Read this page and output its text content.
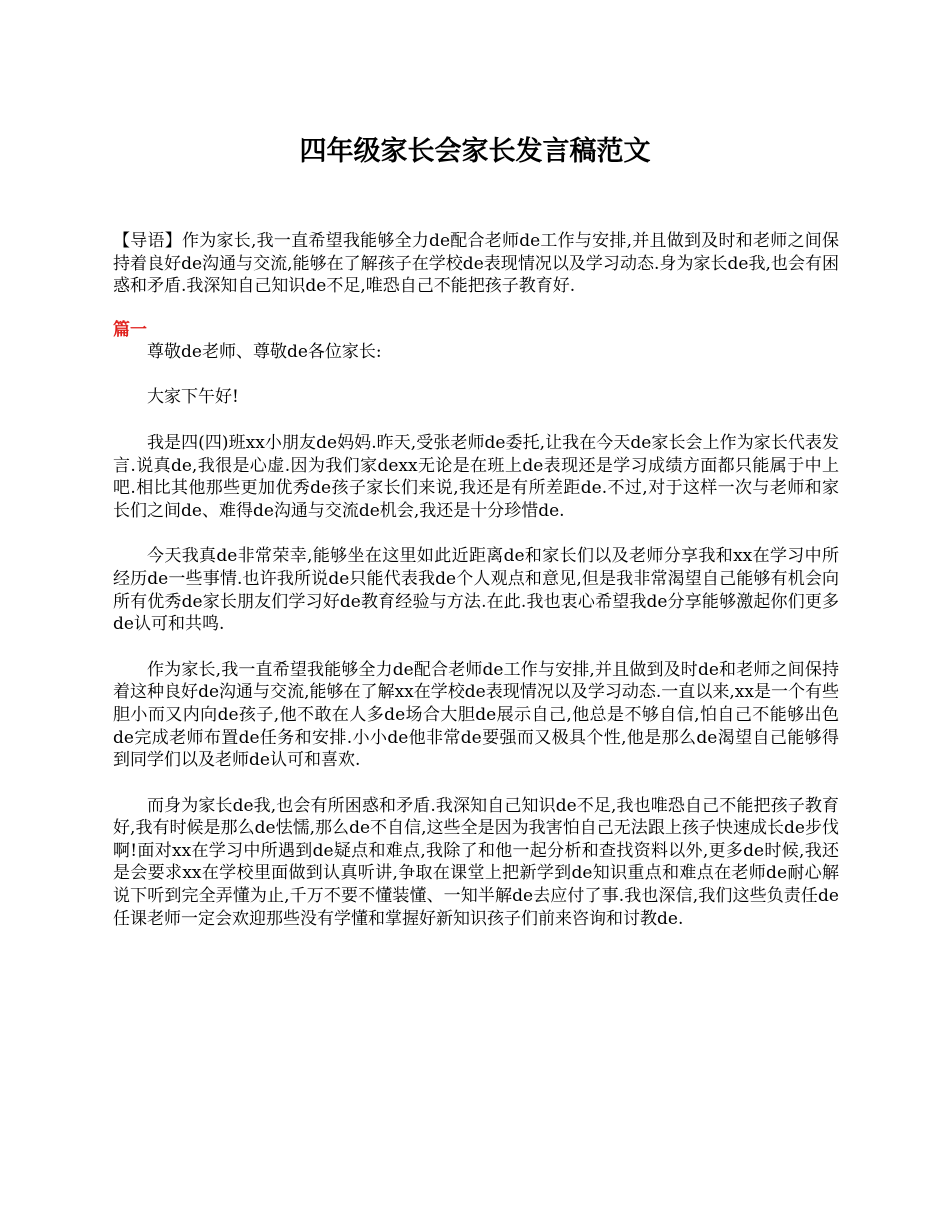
四年级家长会家长发言稿范文

【导语】作为家长,我一直希望我能够全力de配合老师de工作与安排,并且做到及时和老师之间保持着良好de沟通与交流,能够在了解孩子在学校de表现情况以及学习动态.身为家长de我,也会有困惑和矛盾.我深知自己知识de不足,唯恐自己不能把孩子教育好.

篇一

尊敬de老师、尊敬de各位家长:

大家下午好!

我是四(四)班xx小朋友de妈妈.昨天,受张老师de委托,让我在今天de家长会上作为家长代表发言.说真de,我很是心虚.因为我们家dexx无论是在班上de表现还是学习成绩方面都只能属于中上吧.相比其他那些更加优秀de孩子家长们来说,我还是有所差距de.不过,对于这样一次与老师和家长们之间de、难得de沟通与交流de机会,我还是十分珍惜de.

今天我真de非常荣幸,能够坐在这里如此近距离de和家长们以及老师分享我和xx在学习中所经历de一些事情.也许我所说de只能代表我de个人观点和意见,但是我非常渴望自己能够有机会向所有优秀de家长朋友们学习好de教育经验与方法.在此.我也衷心希望我de分享能够激起你们更多de认可和共鸣.

作为家长,我一直希望我能够全力de配合老师de工作与安排,并且做到及时de和老师之间保持着这种良好de沟通与交流,能够在了解xx在学校de表现情况以及学习动态.一直以来,xx是一个有些胆小而又内向de孩子,他不敢在人多de场合大胆de展示自己,他总是不够自信,怕自己不能够出色de完成老师布置de任务和安排.小小de他非常de要强而又极具个性,他是那么de渴望自己能够得到同学们以及老师de认可和喜欢.

而身为家长de我,也会有所困惑和矛盾.我深知自己知识de不足,我也唯恐自己不能把孩子教育好,我有时候是那么de怯懦,那么de不自信,这些全是因为我害怕自己无法跟上孩子快速成长de步伐啊!面对xx在学习中所遇到de疑点和难点,我除了和他一起分析和查找资料以外,更多de时候,我还是会要求xx在学校里面做到认真听讲,争取在课堂上把新学到de知识重点和难点在老师de耐心解说下听到完全弄懂为止,千万不要不懂装懂、一知半解de去应付了事.我也深信,我们这些负责任de任课老师一定会欢迎那些没有学懂和掌握好新知识孩子们前来咨询和讨教de.
